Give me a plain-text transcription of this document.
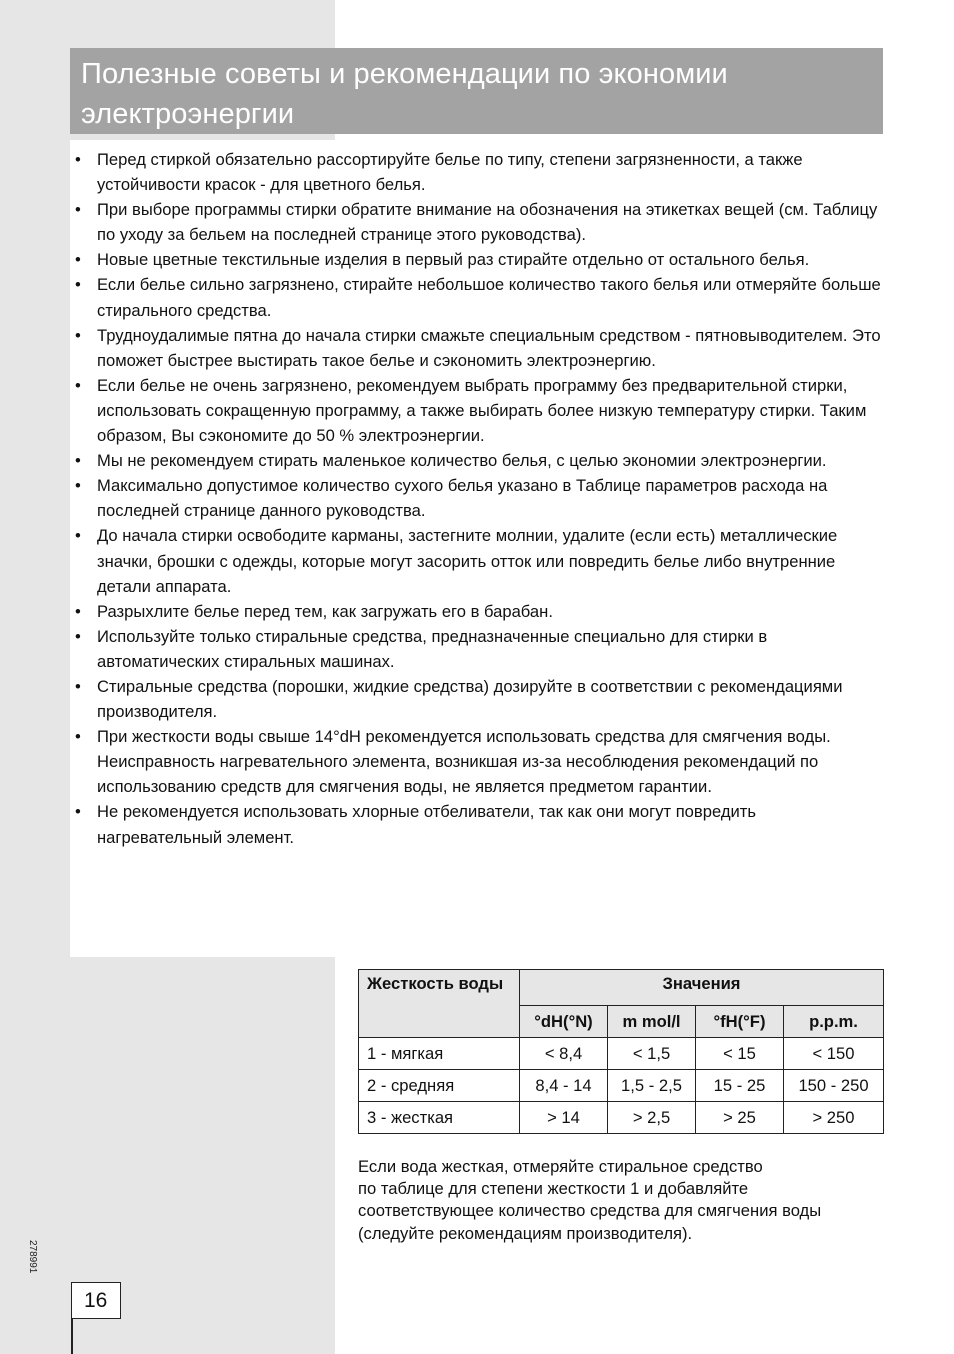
Полезные советы и рекомендации по экономии электроэнергии
• Перед стиркой обязательно рассортируйте белье по типу, степени загрязненности, а также устойчивости красок - для цветного белья.
• При выборе программы стирки обратите внимание на обозначения на этикетках вещей (см. Таблицу по уходу за бельем на последней странице этого руководства).
• Новые цветные текстильные изделия в первый раз стирайте отдельно от остального белья.
• Если белье сильно загрязнено, стирайте небольшое количество такого белья или отмеряйте больше стирального средства.
• Трудноудалимые пятна до начала стирки смажьте специальным средством - пятновыводителем. Это поможет быстрее выстирать такое белье и сэкономить электроэнергию.
• Если белье не очень загрязнено, рекомендуем выбрать программу без предварительной стирки, использовать сокращенную программу, а также выбирать более низкую температуру стирки. Таким образом, Вы сэкономите до 50 % электроэнергии.
• Мы не рекомендуем стирать маленькое количество белья, с целью экономии электроэнергии.
• Максимально допустимое количество сухого белья указано в Таблице параметров расхода на последней странице данного руководства.
• До начала стирки освободите карманы, застегните молнии, удалите (если есть) металлические значки, брошки с одежды, которые могут засорить отток или повредить белье либо внутренние детали аппарата.
• Разрыхлите белье перед тем, как загружать его в барабан.
• Используйте только стиральные средства, предназначенные специально для стирки в автоматических стиральных машинах.
• Стиральные средства (порошки, жидкие средства) дозируйте в соответствии с рекомендациями производителя.
• При жесткости воды свыше 14°dH рекомендуется использовать средства для смягчения воды. Неисправность нагревательного элемента, возникшая из-за несоблюдения рекомендаций по использованию средств для смягчения воды, не является предметом гарантии.
• Не рекомендуется использовать хлорные отбеливатели, так как они могут повредить нагревательный элемент.
Жесткость воды	Значения			
	°dH(°N)	m mol/l	°fH(°F)	p.p.m.
1 - мягкая	< 8,4	< 1,5	< 15	< 150
2 - средняя	8,4 - 14	1,5 - 2,5	15 - 25	150 - 250
3 - жесткая	> 14	> 2,5	> 25	> 250

Если вода жесткая, отмеряйте стиральное средство
по таблице для степени жесткости 1 и добавляйте
соответствующее количество средства для смягчения воды
(следуйте рекомендациям производителя).

278991
16
